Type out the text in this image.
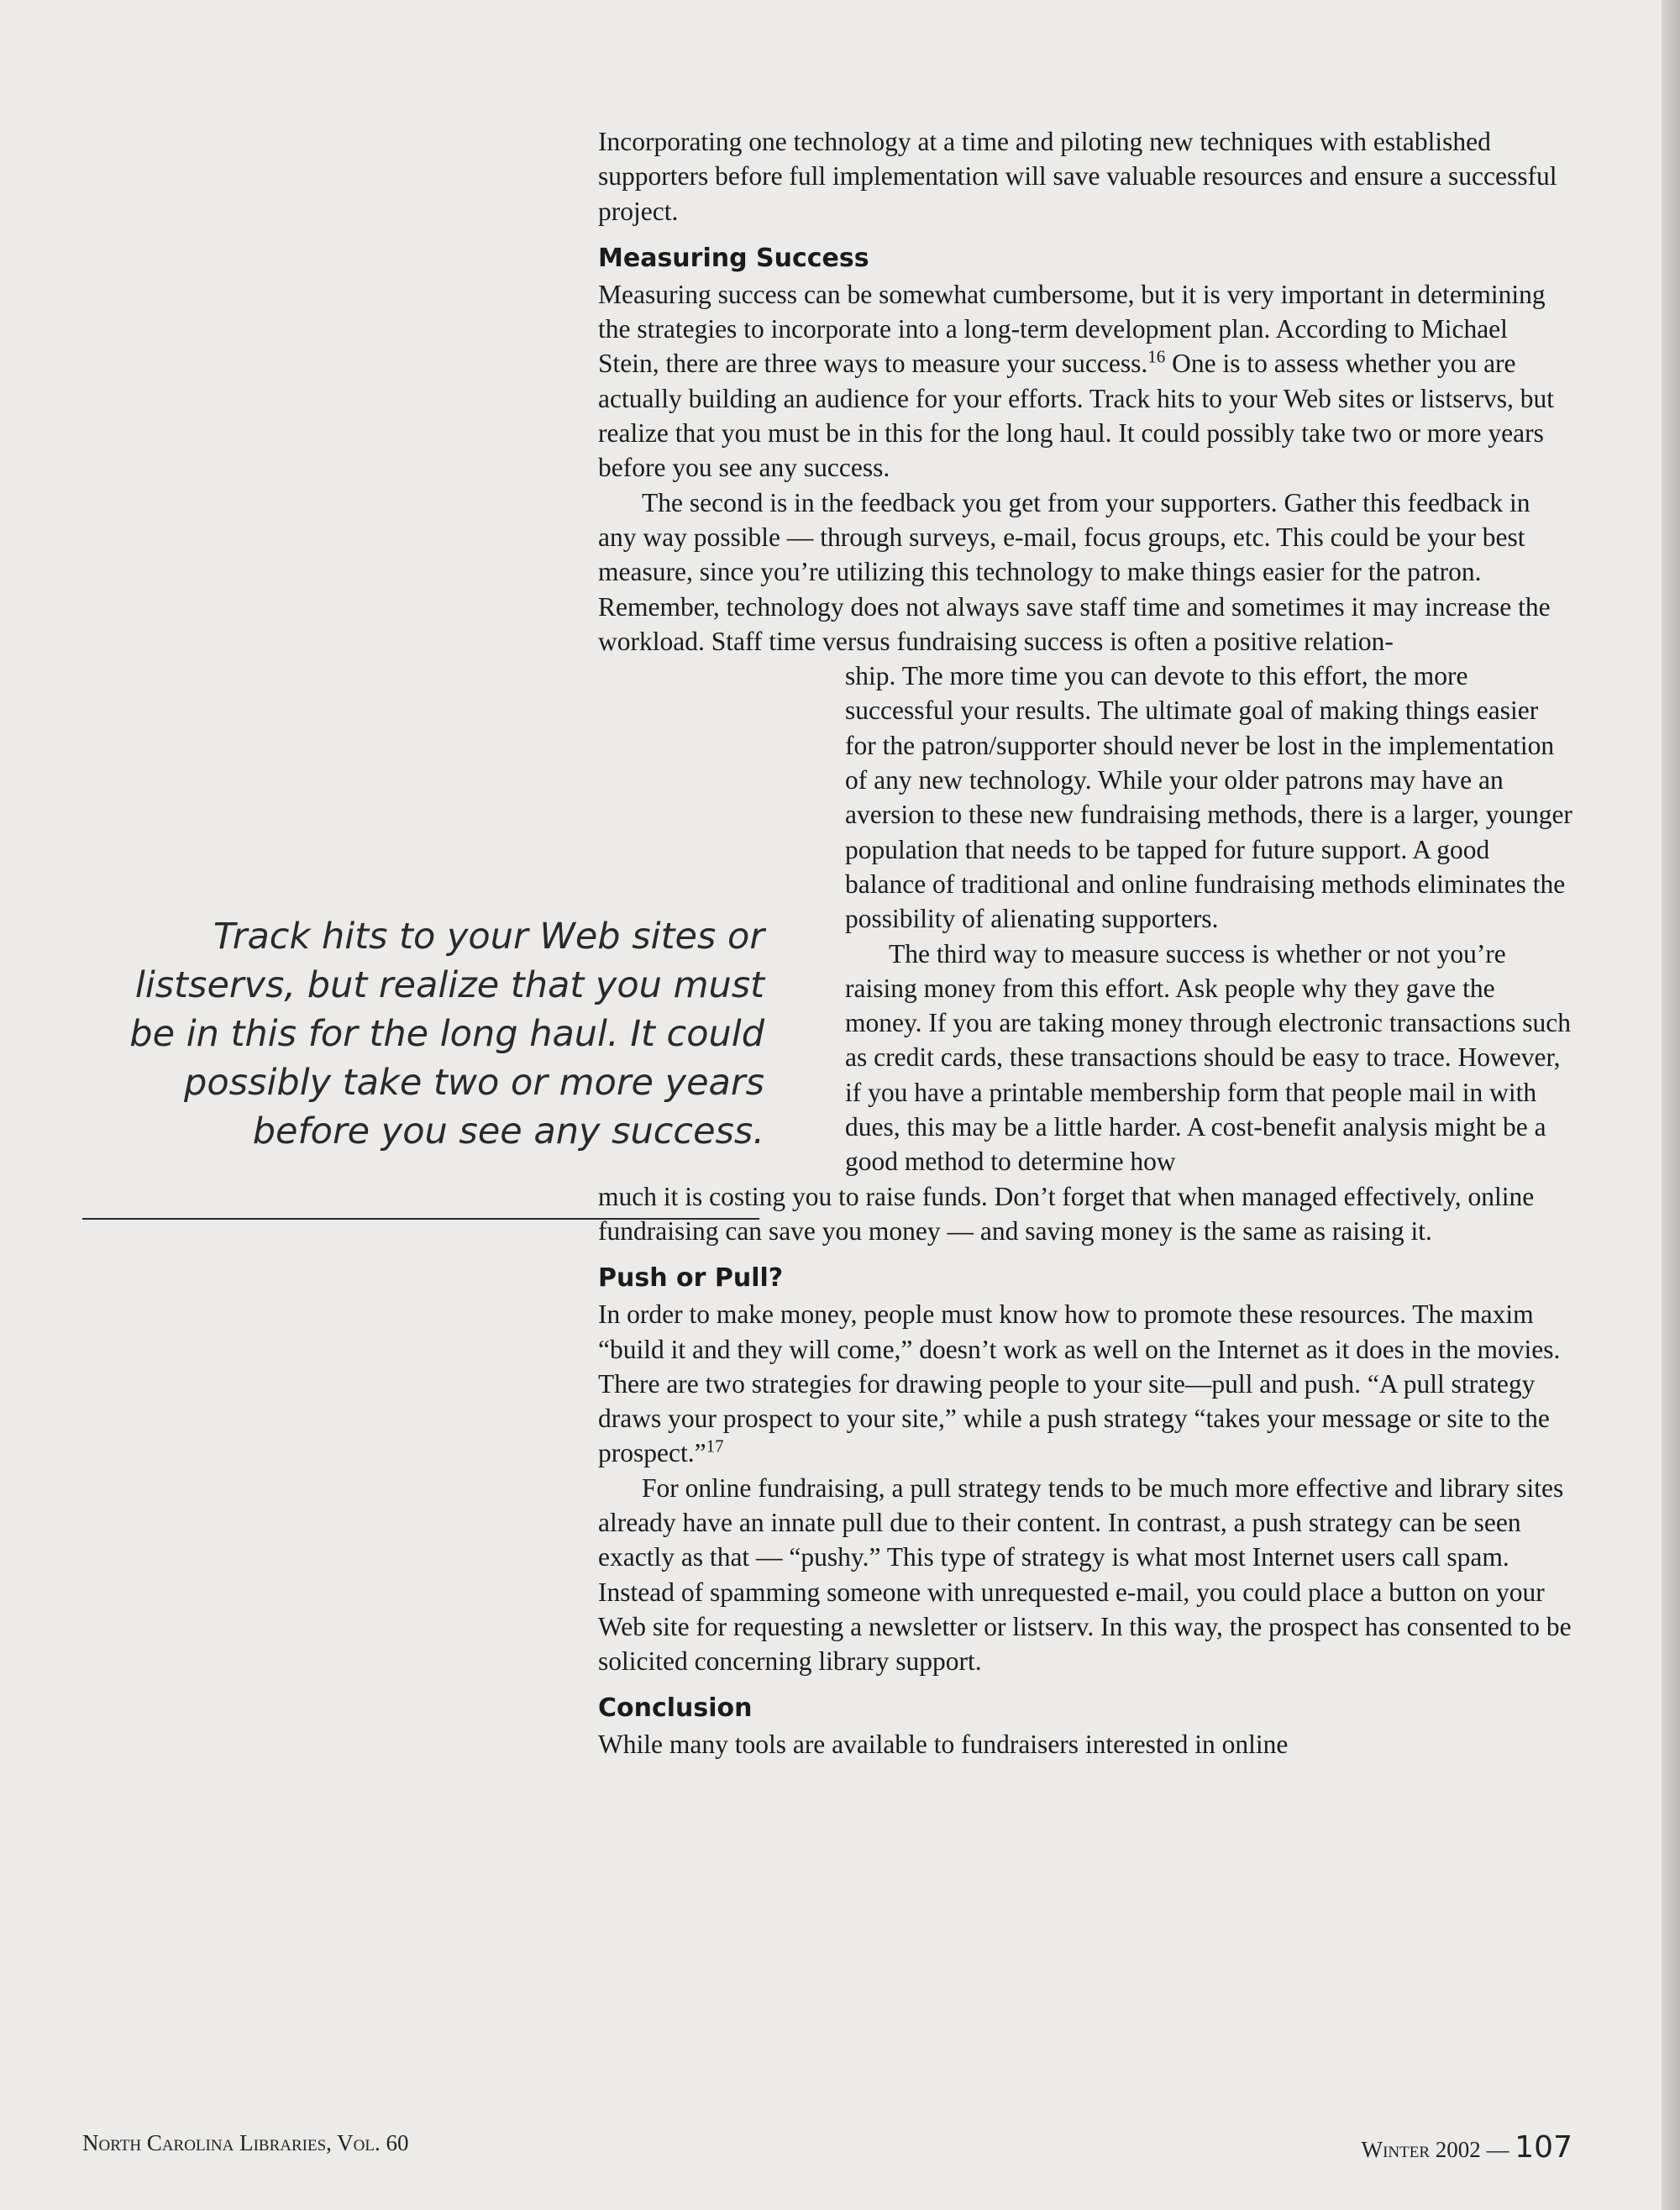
Incorporating one technology at a time and piloting new techniques with established supporters before full implementation will save valuable resources and ensure a successful project.

Measuring Success

Measuring success can be somewhat cumbersome, but it is very important in determining the strategies to incorporate into a long-term development plan. According to Michael Stein, there are three ways to measure your success.$^{16}$ One is to assess whether you are actually building an audience for your efforts. Track hits to your Web sites or listservs, but realize that you must be in this for the long haul. It could possibly take two or more years before you see any success.

The second is in the feedback you get from your supporters. Gather this feedback in any way possible — through surveys, e-mail, focus groups, etc. This could be your best measure, since you’re utilizing this technology to make things easier for the patron. Remember, technology does not always save staff time and sometimes it may increase the workload. Staff time versus fundraising success is often a positive relation-

ship. The more time you can devote to this effort, the more successful your results. The ultimate goal of making things easier for the patron/supporter should never be lost in the implementation of any new technology. While your older patrons may have an aversion to these new fundraising methods, there is a larger, younger population that needs to be tapped for future support. A good balance of traditional and online fundraising methods eliminates the possibility of alienating supporters.

The third way to measure success is whether or not you’re raising money from this effort. Ask people why they gave the money. If you are taking money through electronic transactions such as credit cards, these transactions should be easy to trace. However, if you have a printable membership form that people mail in with dues, this may be a little harder. A cost-benefit analysis might be a good method to determine how

much it is costing you to raise funds. Don’t forget that when managed effectively, online fundraising can save you money — and saving money is the same as raising it.

Push or Pull?

In order to make money, people must know how to promote these resources. The maxim “build it and they will come,” doesn’t work as well on the Internet as it does in the movies. There are two strategies for drawing people to your site—pull and push. “A pull strategy draws your prospect to your site,” while a push strategy “takes your message or site to the prospect.”$^{17}$

For online fundraising, a pull strategy tends to be much more effective and library sites already have an innate pull due to their content. In contrast, a push strategy can be seen exactly as that — “pushy.” This type of strategy is what most Internet users call spam. Instead of spamming someone with unrequested e-mail, you could place a button on your Web site for requesting a newsletter or listserv. In this way, the prospect has consented to be solicited concerning library support.

Conclusion

While many tools are available to fundraisers interested in online

Track hits to your Web sites or listservs, but realize that you must be in this for the long haul. It could possibly take two or more years before you see any success.
North Carolina Libraries, Vol. 60	Winter 2002 — 107
